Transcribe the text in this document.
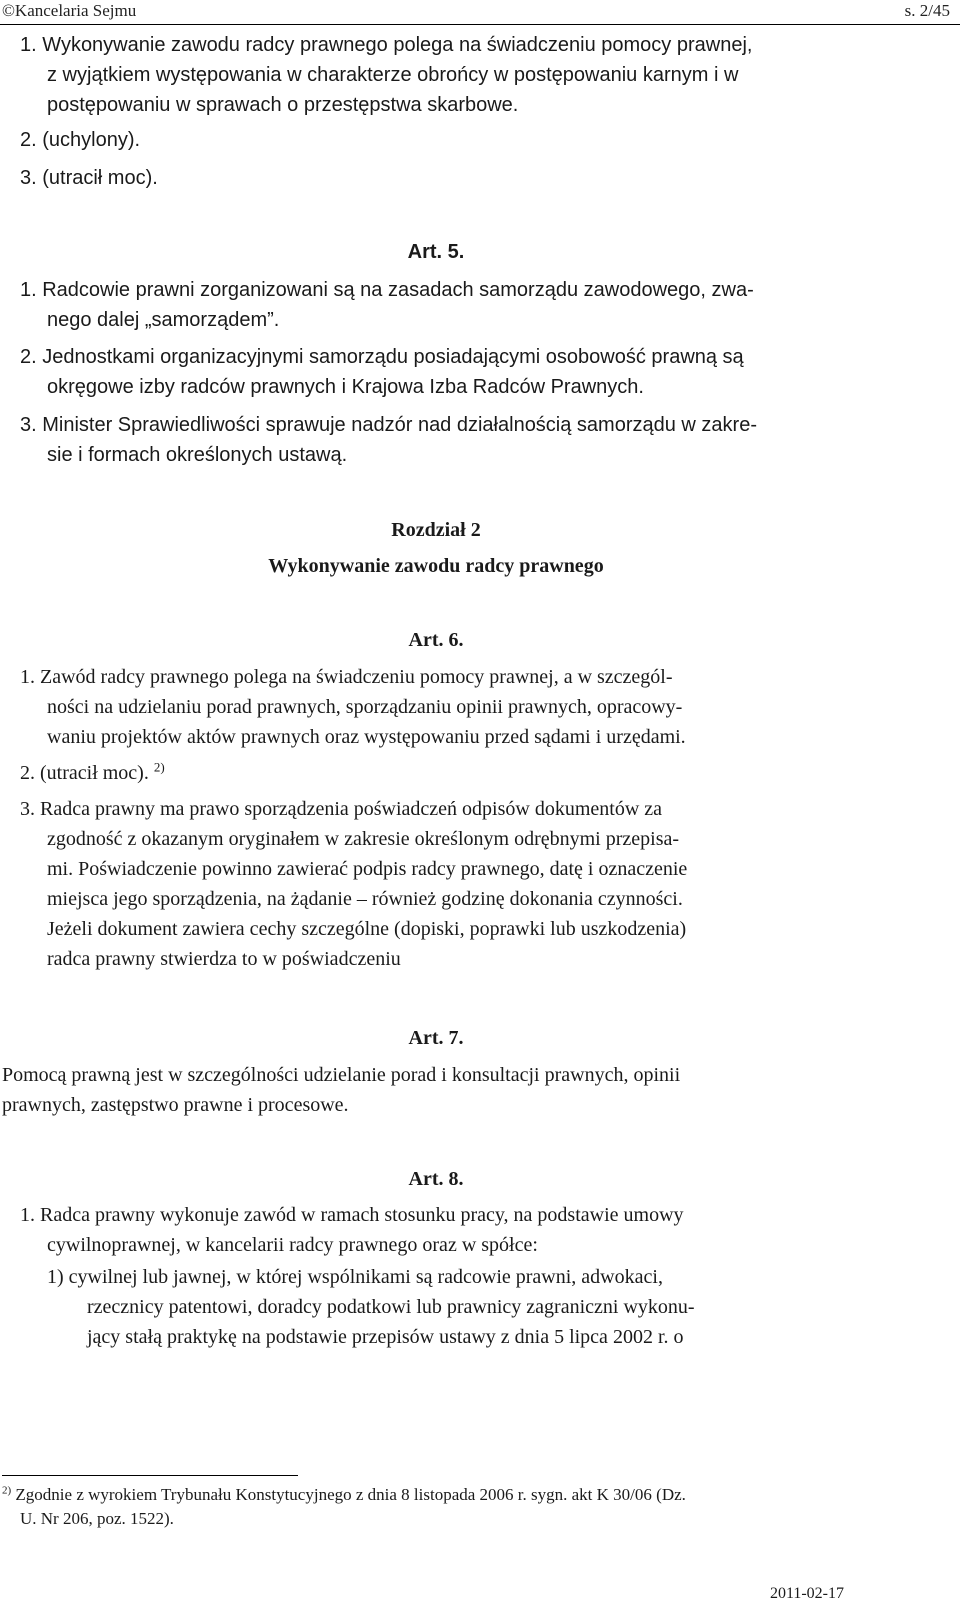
©Kancelaria Sejmu	s. 2/45
1. Wykonywanie zawodu radcy prawnego polega na świadczeniu pomocy prawnej,
z wyjątkiem występowania w charakterze obrońcy w postępowaniu karnym i w
postępowaniu w sprawach o przestępstwa skarbowe.
2. (uchylony).
3. (utracił moc).
Art. 5.
1. Radcowie prawni zorganizowani są na zasadach samorządu zawodowego, zwa-
nego dalej „samorządem”.
2. Jednostkami organizacyjnymi samorządu posiadającymi osobowość prawną są
okręgowe izby radców prawnych i Krajowa Izba Radców Prawnych.
3. Minister Sprawiedliwości sprawuje nadzór nad działalnością samorządu w zakre-
sie i formach określonych ustawą.
Rozdział 2
Wykonywanie zawodu radcy prawnego
Art. 6.
1. Zawód radcy prawnego polega na świadczeniu pomocy prawnej, a w szczegól-
ności na udzielaniu porad prawnych, sporządzaniu opinii prawnych, opracowy-
waniu projektów aktów prawnych oraz występowaniu przed sądami i urzędami.
2. (utracił moc). $^{2)}$
3. Radca prawny ma prawo sporządzenia poświadczeń odpisów dokumentów za
zgodność z okazanym oryginałem w zakresie określonym odrębnymi przepisa-
mi. Poświadczenie powinno zawierać podpis radcy prawnego, datę i oznaczenie
miejsca jego sporządzenia, na żądanie – również godzinę dokonania czynności.
Jeżeli dokument zawiera cechy szczególne (dopiski, poprawki lub uszkodzenia)
radca prawny stwierdza to w poświadczeniu
Art. 7.
Pomocą prawną jest w szczególności udzielanie porad i konsultacji prawnych, opinii
prawnych, zastępstwo prawne i procesowe.
Art. 8.
1. Radca prawny wykonuje zawód w ramach stosunku pracy, na podstawie umowy
cywilnoprawnej, w kancelarii radcy prawnego oraz w spółce:
1) cywilnej lub jawnej, w której wspólnikami są radcowie prawni, adwokaci,
rzecznicy patentowi, doradcy podatkowi lub prawnicy zagraniczni wykonu-
jący stałą praktykę na podstawie przepisów ustawy z dnia 5 lipca 2002 r. o
$^{2)}$ Zgodnie z wyrokiem Trybunału Konstytucyjnego z dnia 8 listopada 2006 r. sygn. akt K 30/06 (Dz.
U. Nr 206, poz. 1522).
2011-02-17
